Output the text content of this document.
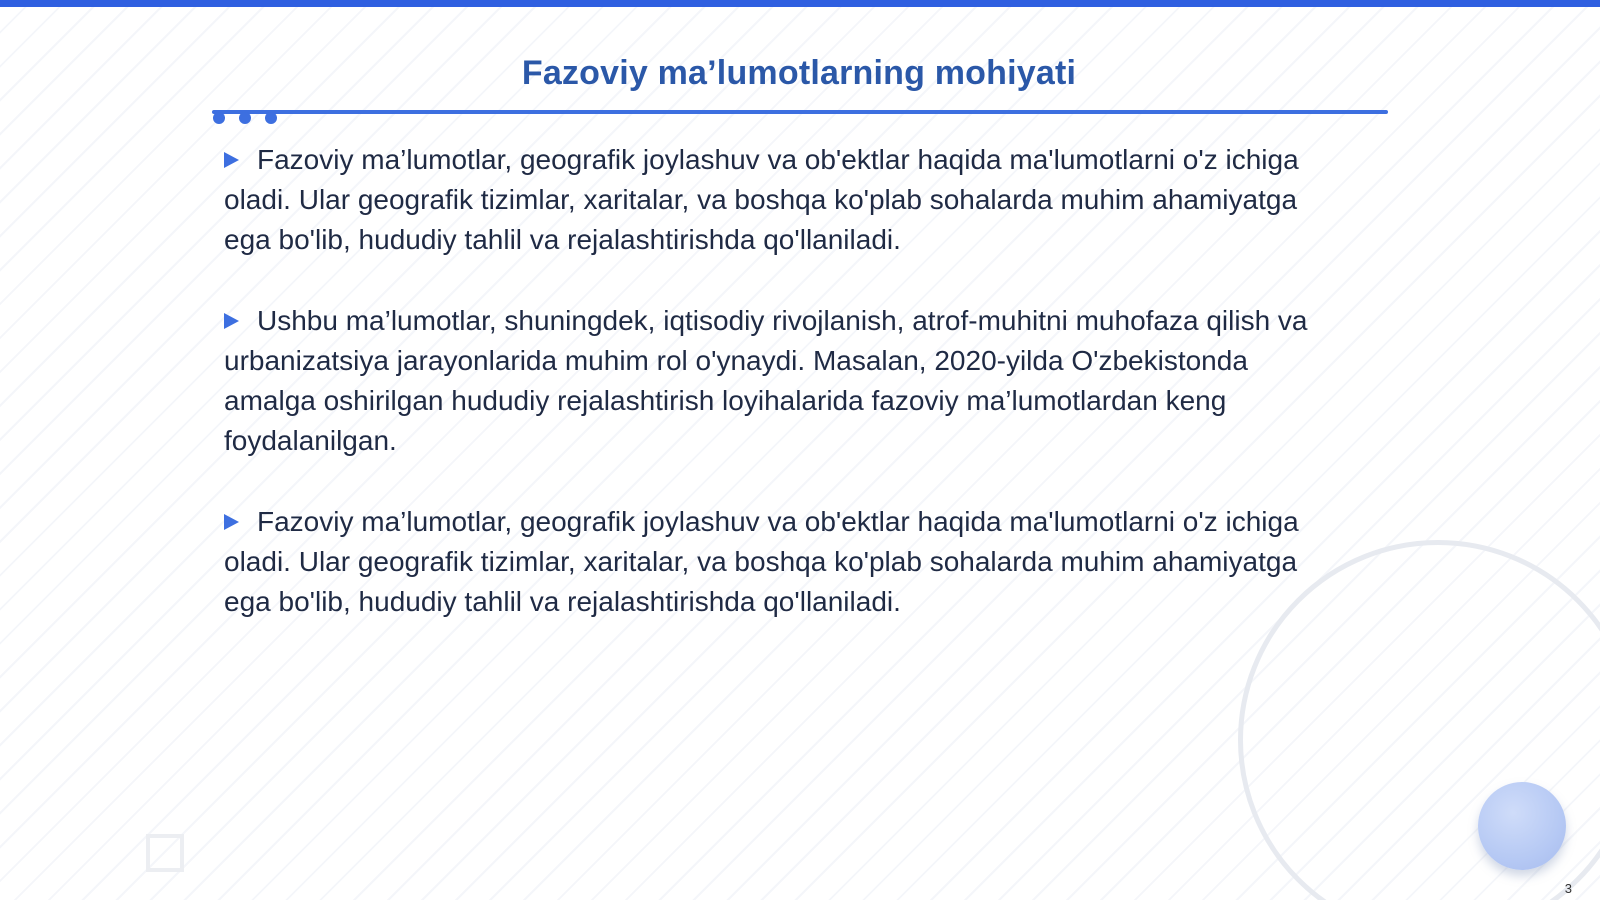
Fazoviy ma’lumotlarning mohiyati

Fazoviy ma’lumotlar, geografik joylashuv va ob'ektlar haqida ma'lumotlarni o'z ichiga oladi. Ular geografik tizimlar, xaritalar, va boshqa ko'plab sohalarda muhim ahamiyatga ega bo'lib, hududiy tahlil va rejalashtirishda qo'llaniladi.

Ushbu ma’lumotlar, shuningdek, iqtisodiy rivojlanish, atrof-muhitni muhofaza qilish va urbanizatsiya jarayonlarida muhim rol o'ynaydi. Masalan, 2020-yilda O'zbekistonda amalga oshirilgan hududiy rejalashtirish loyihalarida fazoviy ma’lumotlardan keng foydalanilgan.

Fazoviy ma’lumotlar, geografik joylashuv va ob'ektlar haqida ma'lumotlarni o'z ichiga oladi. Ular geografik tizimlar, xaritalar, va boshqa ko'plab sohalarda muhim ahamiyatga ega bo'lib, hududiy tahlil va rejalashtirishda qo'llaniladi.

3
